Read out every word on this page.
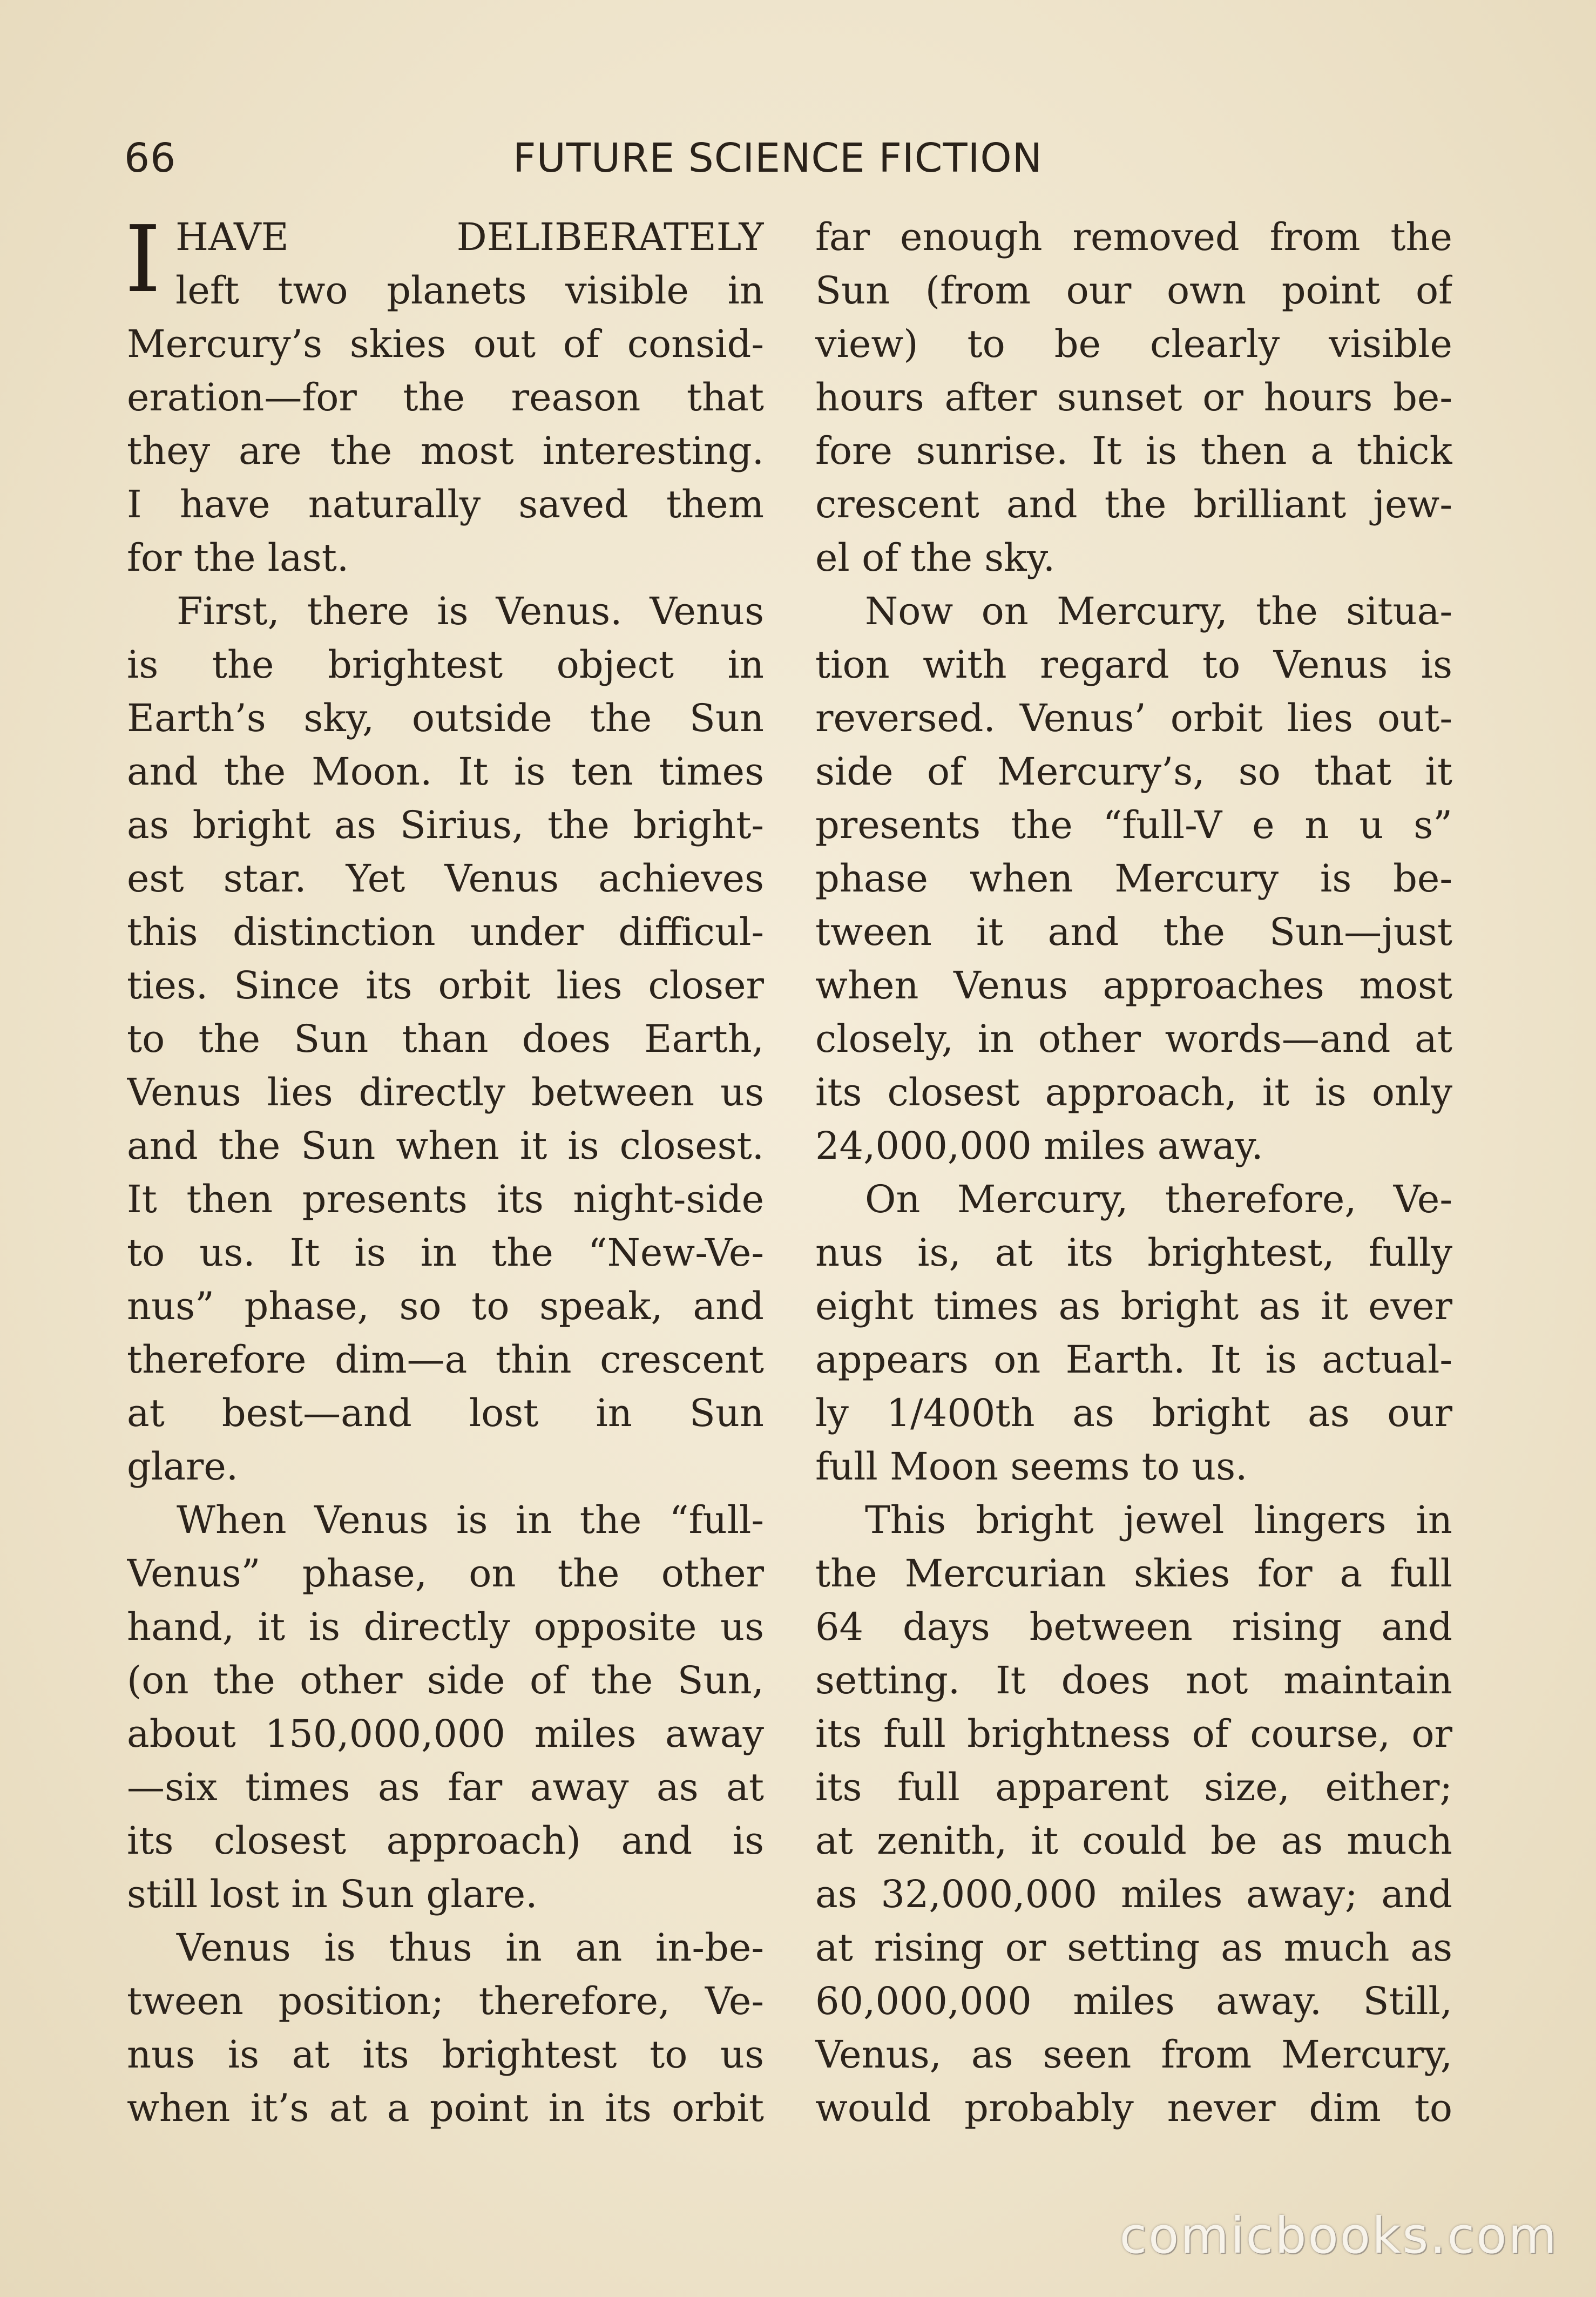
66	FUTURE SCIENCE FICTION
I HAVE DELIBERATELY
left two planets visible in
Mercury’s skies out of consid-
eration—for the reason that
they are the most interesting.
I have naturally saved them
for the last.
First, there is Venus. Venus
is the brightest object in
Earth’s sky, outside the Sun
and the Moon. It is ten times
as bright as Sirius, the bright-
est star. Yet Venus achieves
this distinction under difficul-
ties. Since its orbit lies closer
to the Sun than does Earth,
Venus lies directly between us
and the Sun when it is closest.
It then presents its night-side
to us. It is in the “New-Ve-
nus” phase, so to speak, and
therefore dim—a thin crescent
at best—and lost in Sun
glare.
When Venus is in the “full-
Venus” phase, on the other
hand, it is directly opposite us
(on the other side of the Sun,
about 150,000,000 miles away
—six times as far away as at
its closest approach) and is
still lost in Sun glare.
Venus is thus in an in-be-
tween position; therefore, Ve-
nus is at its brightest to us
when it’s at a point in its orbit
far enough removed from the
Sun (from our own point of
view) to be clearly visible
hours after sunset or hours be-
fore sunrise. It is then a thick
crescent and the brilliant jew-
el of the sky.
Now on Mercury, the situa-
tion with regard to Venus is
reversed. Venus’ orbit lies out-
side of Mercury’s, so that it
presents the “full-V e n u s”
phase when Mercury is be-
tween it and the Sun—just
when Venus approaches most
closely, in other words—and at
its closest approach, it is only
24,000,000 miles away.
On Mercury, therefore, Ve-
nus is, at its brightest, fully
eight times as bright as it ever
appears on Earth. It is actual-
ly 1/400th as bright as our
full Moon seems to us.
This bright jewel lingers in
the Mercurian skies for a full
64 days between rising and
setting. It does not maintain
its full brightness of course, or
its full apparent size, either;
at zenith, it could be as much
as 32,000,000 miles away; and
at rising or setting as much as
60,000,000 miles away. Still,
Venus, as seen from Mercury,
would probably never dim to
comicbooks.com
